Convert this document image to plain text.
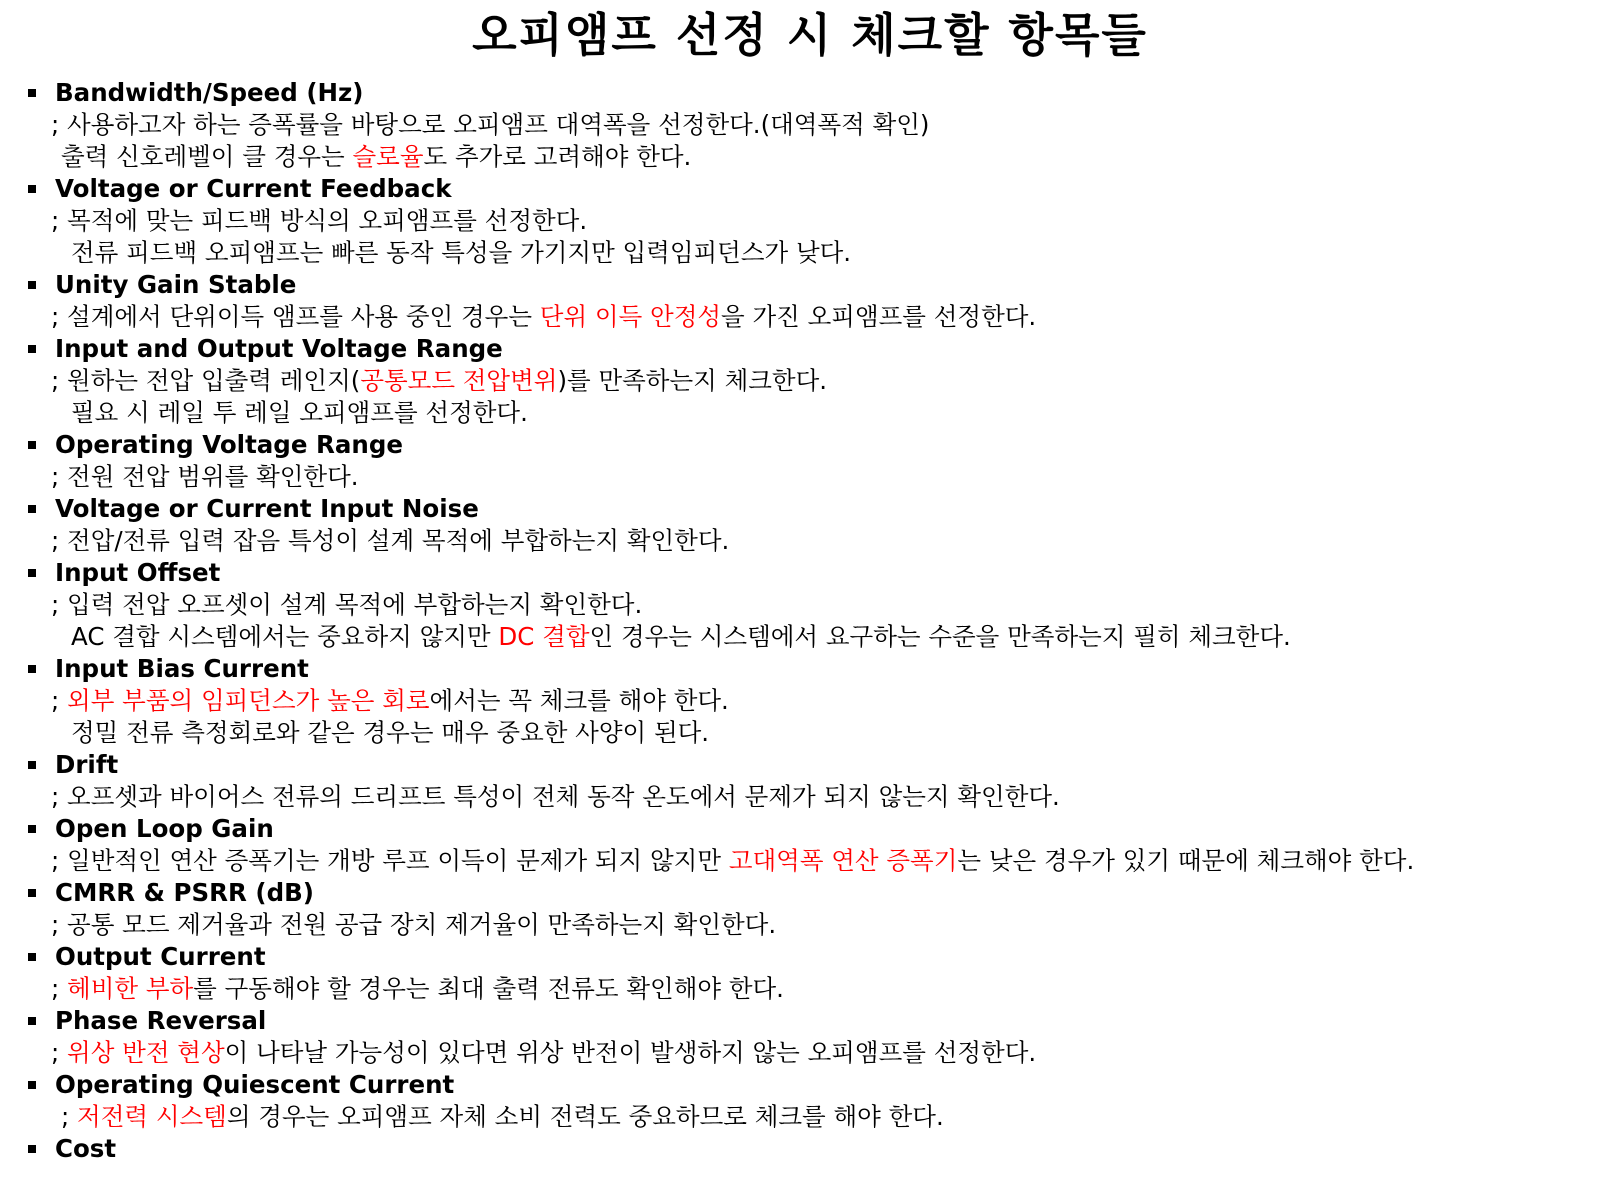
오피앰프 선정 시 체크할 항목들
Bandwidth/Speed (Hz)
; 사용하고자 하는 증폭률을 바탕으로 오피앰프 대역폭을 선정한다.(대역폭적 확인)
출력 신호레벨이 클 경우는 슬로율도 추가로 고려해야 한다.
Voltage or Current Feedback
; 목적에 맞는 피드백 방식의 오피앰프를 선정한다.
전류 피드백 오피앰프는 빠른 동작 특성을 가기지만 입력임피던스가 낮다.
Unity Gain Stable
; 설계에서 단위이득 앰프를 사용 중인 경우는 단위 이득 안정성을 가진 오피앰프를 선정한다.
Input and Output Voltage Range
; 원하는 전압 입출력 레인지(공통모드 전압변위)를 만족하는지 체크한다.
필요 시 레일 투 레일 오피앰프를 선정한다.
Operating Voltage Range
; 전원 전압 범위를 확인한다.
Voltage or Current Input Noise
; 전압/전류 입력 잡음 특성이 설계 목적에 부합하는지 확인한다.
Input Offset
; 입력 전압 오프셋이 설계 목적에 부합하는지 확인한다.
AC 결합 시스템에서는 중요하지 않지만 DC 결합인 경우는 시스템에서 요구하는 수준을 만족하는지 필히 체크한다.
Input Bias Current
; 외부 부품의 임피던스가 높은 회로에서는 꼭 체크를 해야 한다.
정밀 전류 측정회로와 같은 경우는 매우 중요한 사양이 된다.
Drift
; 오프셋과 바이어스 전류의 드리프트 특성이 전체 동작 온도에서 문제가 되지 않는지 확인한다.
Open Loop Gain
; 일반적인 연산 증폭기는 개방 루프 이득이 문제가 되지 않지만 고대역폭 연산 증폭기는 낮은 경우가 있기 때문에 체크해야 한다.
CMRR & PSRR (dB)
; 공통 모드 제거율과 전원 공급 장치 제거율이 만족하는지 확인한다.
Output Current
; 헤비한 부하를 구동해야 할 경우는 최대 출력 전류도 확인해야 한다.
Phase Reversal
; 위상 반전 현상이 나타날 가능성이 있다면 위상 반전이 발생하지 않는 오피앰프를 선정한다.
Operating Quiescent Current
; 저전력 시스템의 경우는 오피앰프 자체 소비 전력도 중요하므로 체크를 해야 한다.
Cost
